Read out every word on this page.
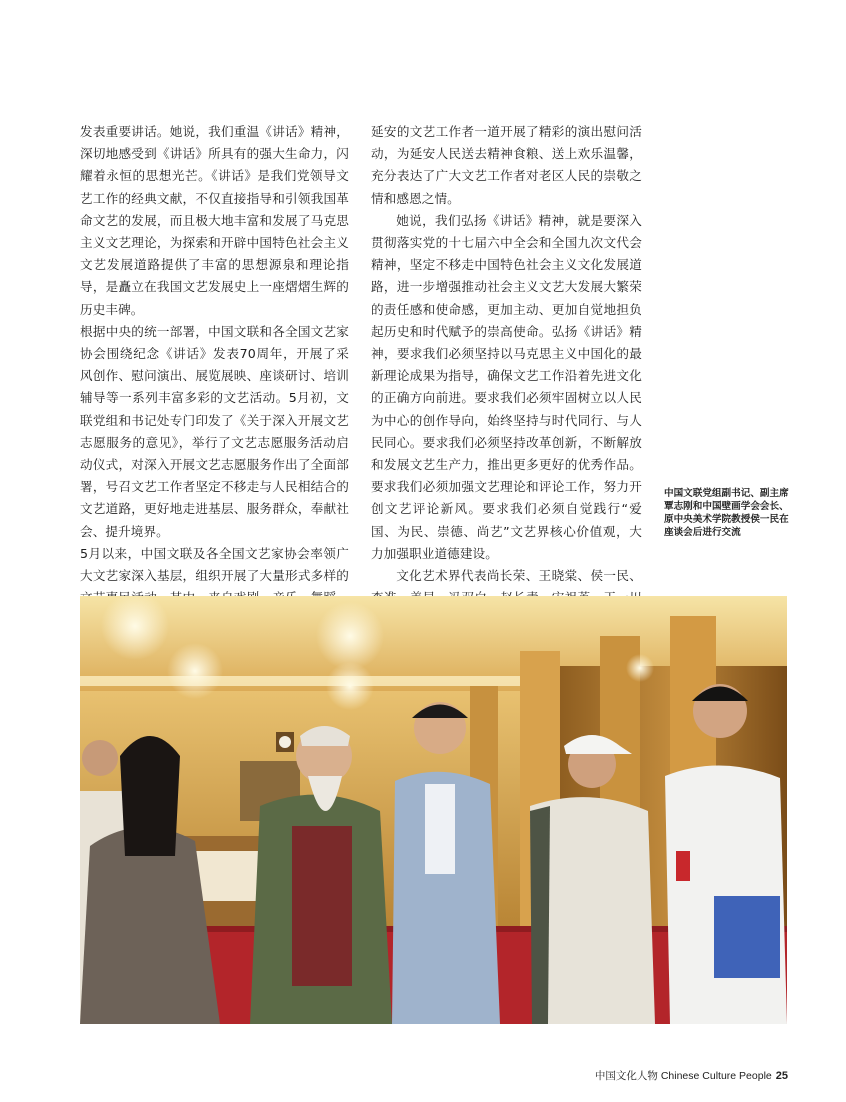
发表重要讲话。她说，我们重温《讲话》精神，深切地感受到《讲话》所具有的强大生命力，闪耀着永恒的思想光芒。《讲话》是我们党领导文艺工作的经典文献，不仅直接指导和引领我国革命文艺的发展，而且极大地丰富和发展了马克思主义文艺理论，为探索和开辟中国特色社会主义文艺发展道路提供了丰富的思想源泉和理论指导，是矗立在我国文艺发展史上一座熠熠生辉的历史丰碑。

根据中央的统一部署，中国文联和各全国文艺家协会围绕纪念《讲话》发表70周年，开展了采风创作、慰问演出、展览展映、座谈研讨、培训辅导等一系列丰富多彩的文艺活动。5月初，文联党组和书记处专门印发了《关于深入开展文艺志愿服务的意见》，举行了文艺志愿服务活动启动仪式，对深入开展文艺志愿服务作出了全面部署，号召文艺工作者坚定不移走与人民相结合的文艺道路，更好地走进基层、服务群众，奉献社会、提升境界。

5月以来，中国文联及各全国文艺家协会率领广大文艺家深入基层，组织开展了大量形式多样的

延安的文艺工作者一道开展了精彩的演出慰问活动，为延安人民送去精神食粮、送上欢乐温馨，充分表达了广大文艺工作者对老区人民的崇敬之情和感恩之情。

她说，我们弘扬《讲话》精神，就是要深入贯彻落实党的十七届六中全会和全国九次文代会精神，坚定不移走中国特色社会主义文化发展道路，进一步增强推动社会主义文艺大发展大繁荣的责任感和使命感，更加主动、更加自觉地担负起历史和时代赋予的崇高使命。弘扬《讲话》精神，要求我们必须坚持以马克思主义中国化的最新理论成果为指导，确保文艺工作沿着先进文化的正确方向前进。要求我们必须牢固树立以人民为中心的创作导向，始终坚持与时代同行、与人民同心。要求我们必须坚持改革创新，不断解放和发展文艺生产力，推出更多更好的优秀作品。要求我们必须加强文艺理论和评论工作，努力开创文艺评论新风。要求我们必须自觉践行“爱国、为民、崇德、尚艺”文艺界核心价值观，大力加强职业道德建设。

文化艺术界代表尚长荣、王晓棠、侯一民、

中国文联党组副书记、副主席覃志刚和中国壁画学会会长、原中央美术学院教授侯一民在座谈会后进行交流
中国文化人物 Chinese Culture People 25
